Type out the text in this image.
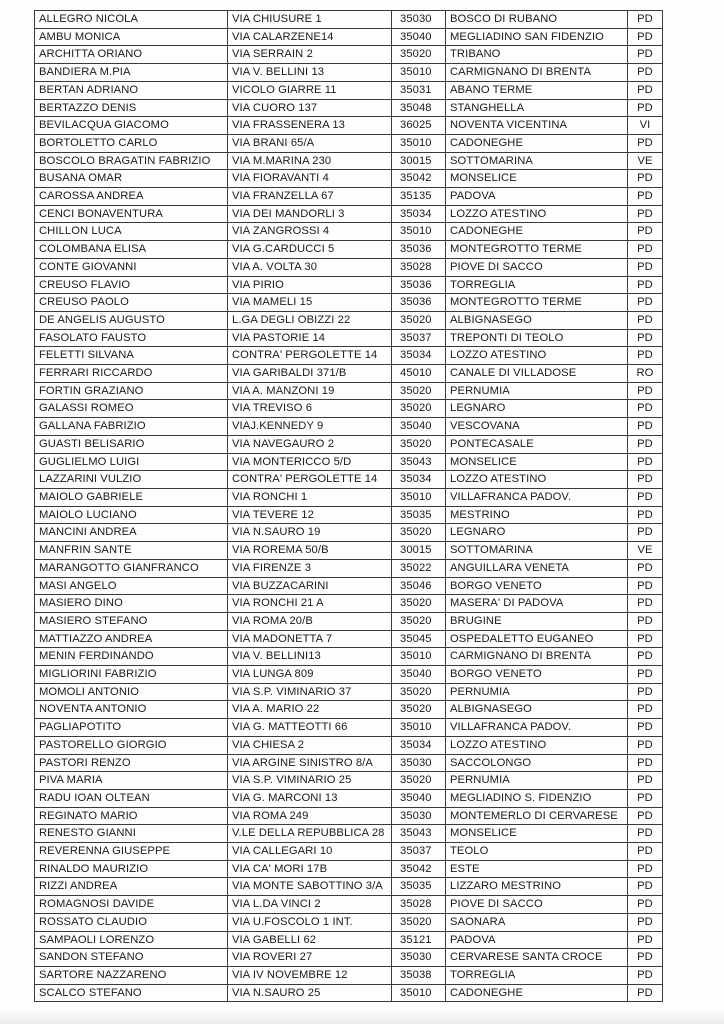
ALLEGRO NICOLA	VIA CHIUSURE 1	35030	BOSCO DI RUBANO	PD
AMBU MONICA	VIA CALARZENE14	35040	MEGLIADINO SAN FIDENZIO	PD
ARCHITTA ORIANO	VIA SERRAIN 2	35020	TRIBANO	PD
BANDIERA M.PIA	VIA V. BELLINI 13	35010	CARMIGNANO DI BRENTA	PD
BERTAN ADRIANO	VICOLO GIARRE 11	35031	ABANO TERME	PD
BERTAZZO DENIS	VIA CUORO 137	35048	STANGHELLA	PD
BEVILACQUA GIACOMO	VIA FRASSENERA 13	36025	NOVENTA VICENTINA	VI
BORTOLETTO CARLO	VIA BRANI 65/A	35010	CADONEGHE	PD
BOSCOLO BRAGATIN FABRIZIO	VIA M.MARINA 230	30015	SOTTOMARINA	VE
BUSANA OMAR	VIA FIORAVANTI 4	35042	MONSELICE	PD
CAROSSA ANDREA	VIA FRANZELLA 67	35135	PADOVA	PD
CENCI BONAVENTURA	VIA DEI MANDORLI 3	35034	LOZZO ATESTINO	PD
CHILLON LUCA	VIA ZANGROSSI 4	35010	CADONEGHE	PD
COLOMBANA ELISA	VIA G.CARDUCCI 5	35036	MONTEGROTTO TERME	PD
CONTE GIOVANNI	VIA A. VOLTA 30	35028	PIOVE DI SACCO	PD
CREUSO FLAVIO	VIA PIRIO	35036	TORREGLIA	PD
CREUSO PAOLO	VIA MAMELI 15	35036	MONTEGROTTO TERME	PD
DE ANGELIS AUGUSTO	L.GA DEGLI OBIZZI 22	35020	ALBIGNASEGO	PD
FASOLATO FAUSTO	VIA PASTORIE 14	35037	TREPONTI DI TEOLO	PD
FELETTI SILVANA	CONTRA' PERGOLETTE 14	35034	LOZZO ATESTINO	PD
FERRARI RICCARDO	VIA GARIBALDI 371/B	45010	CANALE DI VILLADOSE	RO
FORTIN GRAZIANO	VIA A. MANZONI 19	35020	PERNUMIA	PD
GALASSI ROMEO	VIA TREVISO 6	35020	LEGNARO	PD
GALLANA FABRIZIO	VIAJ.KENNEDY 9	35040	VESCOVANA	PD
GUASTI BELISARIO	VIA NAVEGAURO 2	35020	PONTECASALE	PD
GUGLIELMO LUIGI	VIA MONTERICCO 5/D	35043	MONSELICE	PD
LAZZARINI VULZIO	CONTRA' PERGOLETTE 14	35034	LOZZO ATESTINO	PD
MAIOLO GABRIELE	VIA RONCHI 1	35010	VILLAFRANCA PADOV.	PD
MAIOLO LUCIANO	VIA TEVERE 12	35035	MESTRINO	PD
MANCINI ANDREA	VIA N.SAURO 19	35020	LEGNARO	PD
MANFRIN SANTE	VIA ROREMA 50/B	30015	SOTTOMARINA	VE
MARANGOTTO GIANFRANCO	VIA FIRENZE 3	35022	ANGUILLARA VENETA	PD
MASI ANGELO	VIA BUZZACARINI	35046	BORGO VENETO	PD
MASIERO DINO	VIA RONCHI 21 A	35020	MASERA' DI PADOVA	PD
MASIERO STEFANO	VIA ROMA 20/B	35020	BRUGINE	PD
MATTIAZZO ANDREA	VIA MADONETTA 7	35045	OSPEDALETTO EUGANEO	PD
MENIN FERDINANDO	VIA V. BELLINI13	35010	CARMIGNANO DI BRENTA	PD
MIGLIORINI FABRIZIO	VIA LUNGA 809	35040	BORGO VENETO	PD
MOMOLI ANTONIO	VIA S.P. VIMINARIO 37	35020	PERNUMIA	PD
NOVENTA ANTONIO	VIA A. MARIO 22	35020	ALBIGNASEGO	PD
PAGLIAPOTITO	VIA G. MATTEOTTI 66	35010	VILLAFRANCA PADOV.	PD
PASTORELLO GIORGIO	VIA CHIESA 2	35034	LOZZO ATESTINO	PD
PASTORI RENZO	VIA ARGINE SINISTRO 8/A	35030	SACCOLONGO	PD
PIVA MARIA	VIA S.P. VIMINARIO 25	35020	PERNUMIA	PD
RADU IOAN OLTEAN	VIA G. MARCONI 13	35040	MEGLIADINO S. FIDENZIO	PD
REGINATO MARIO	VIA ROMA 249	35030	MONTEMERLO DI CERVARESE	PD
RENESTO GIANNI	V.LE DELLA REPUBBLICA 28	35043	MONSELICE	PD
REVERENNA GIUSEPPE	VIA CALLEGARI 10	35037	TEOLO	PD
RINALDO MAURIZIO	VIA CA' MORI 17B	35042	ESTE	PD
RIZZI ANDREA	VIA MONTE SABOTTINO 3/A	35035	LIZZARO MESTRINO	PD
ROMAGNOSI DAVIDE	VIA L.DA VINCI 2	35028	PIOVE DI SACCO	PD
ROSSATO CLAUDIO	VIA U.FOSCOLO 1 INT.	35020	SAONARA	PD
SAMPAOLI LORENZO	VIA GABELLI 62	35121	PADOVA	PD
SANDON STEFANO	VIA ROVERI 27	35030	CERVARESE SANTA CROCE	PD
SARTORE NAZZARENO	VIA IV NOVEMBRE 12	35038	TORREGLIA	PD
SCALCO STEFANO	VIA N.SAURO 25	35010	CADONEGHE	PD
